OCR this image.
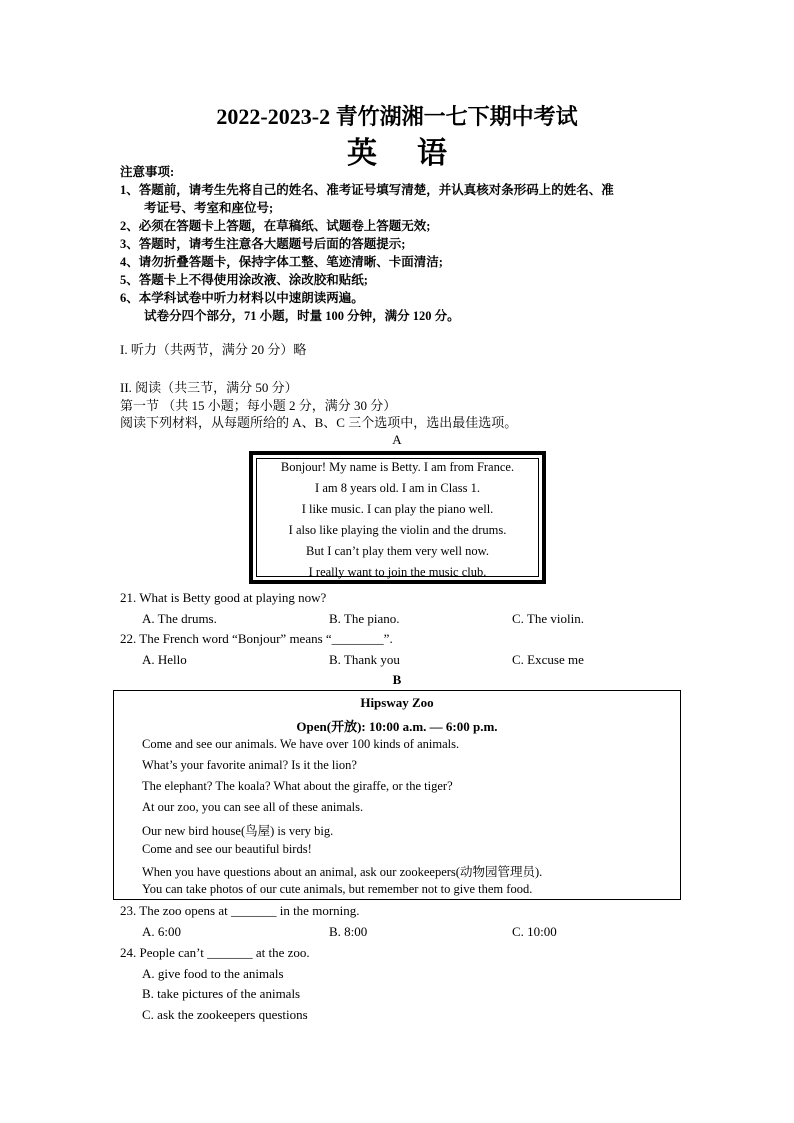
2022-2023-2 青竹湖湘一七下期中考试
英语
注意事项:
1、答题前，请考生先将自己的姓名、准考证号填写清楚，并认真核对条形码上的姓名、准
考证号、考室和座位号;
2、必须在答题卡上答题，在草稿纸、试题卷上答题无效;
3、答题时，请考生注意各大题题号后面的答题提示;
4、请勿折叠答题卡，保持字体工整、笔迹清晰、卡面清洁;
5、答题卡上不得使用涂改液、涂改胶和贴纸;
6、本学科试卷中听力材料以中速朗读两遍。
试卷分四个部分，71 小题，时量 100 分钟，满分 120 分。
I. 听力（共两节，满分 20 分）略
II. 阅读（共三节，满分 50 分）
第一节 （共 15 小题；每小题 2 分，满分 30 分）
阅读下列材料，从每题所给的 A、B、C 三个选项中，选出最佳选项。
A
Bonjour! My name is Betty. I am from France.
I am 8 years old. I am in Class 1.
I like music. I can play the piano well.
I also like playing the violin and the drums.
But I can’t play them very well now.
I really want to join the music club.
21. What is Betty good at playing now?
A. The drums.	B. The piano.	C. The violin.
22. The French word “Bonjour” means “________”.
A. Hello	B. Thank you	C. Excuse me
B
Hipsway Zoo
Open(开放): 10:00 a.m. — 6:00 p.m.
Come and see our animals. We have over 100 kinds of animals.
What’s your favorite animal? Is it the lion?
The elephant? The koala? What about the giraffe, or the tiger?
At our zoo, you can see all of these animals.
Our new bird house(鸟屋) is very big.
Come and see our beautiful birds!
When you have questions about an animal, ask our zookeepers(动物园管理员).
You can take photos of our cute animals, but remember not to give them food.
23. The zoo opens at _______ in the morning.
A. 6:00	B. 8:00	C. 10:00
24. People can’t _______ at the zoo.
A. give food to the animals
B. take pictures of the animals
C. ask the zookeepers questions
